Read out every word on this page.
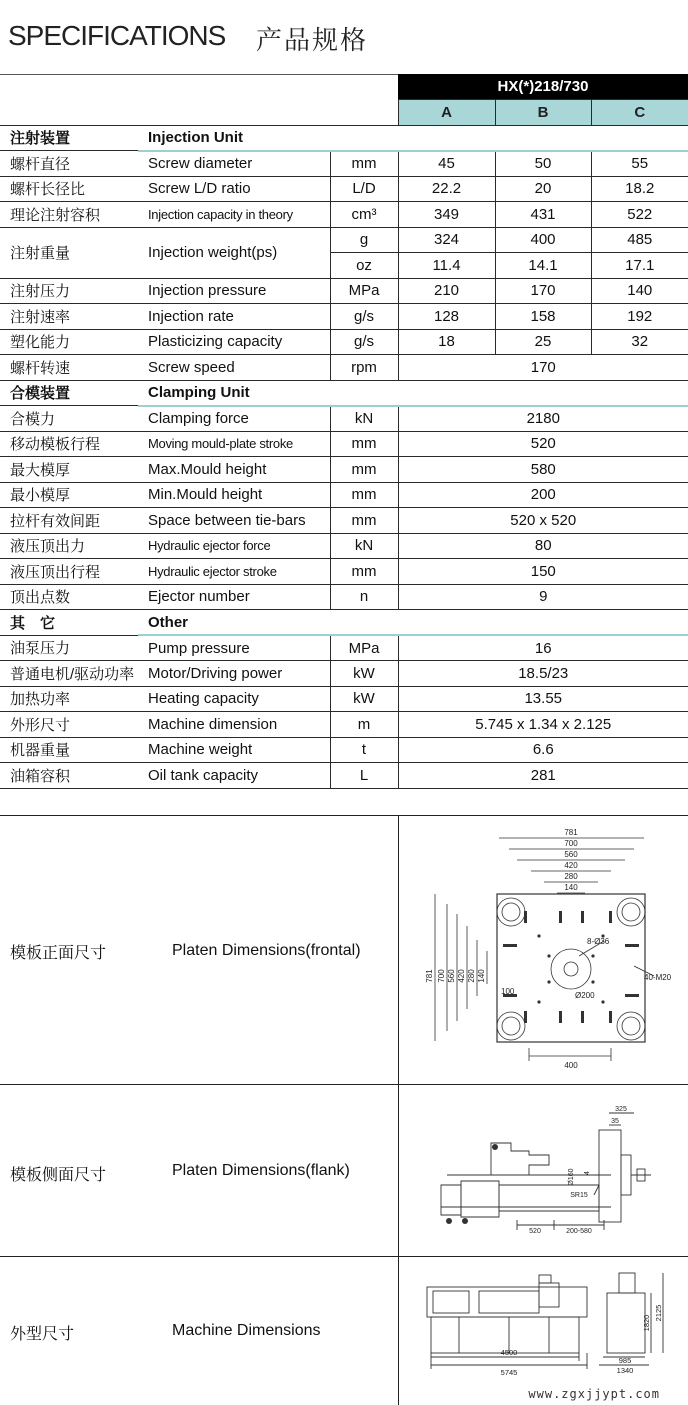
SPECIFICATIONS 产品规格
			HX(*)218/730		
			A	B	C
注射装置	Injection Unit				
螺杆直径	Screw diameter	mm	45	50	55
螺杆长径比	Screw L/D ratio	L/D	22.2	20	18.2
理论注射容积	Injection capacity in theory	cm³	349	431	522
注射重量	Injection weight(ps)	g	324	400	485
		oz	11.4	14.1	17.1
注射压力	Injection pressure	MPa	210	170	140
注射速率	Injection rate	g/s	128	158	192
塑化能力	Plasticizing capacity	g/s	18	25	32
螺杆转速	Screw speed	rpm	170		
合模装置	Clamping Unit				
合模力	Clamping force	kN	2180		
移动模板行程	Moving mould-plate stroke	mm	520		
最大模厚	Max.Mould height	mm	580		
最小模厚	Min.Mould height	mm	200		
拉杆有效间距	Space between tie-bars	mm	520 x 520		
液压顶出力	Hydraulic ejector force	kN	80		
液压顶出行程	Hydraulic ejector stroke	mm	150		
顶出点数	Ejector number	n	9		
其　它	Other				
油泵压力	Pump pressure	MPa	16		
普通电机/驱动功率	Motor/Driving power	kW	18.5/23		
加热功率	Heating capacity	kW	13.55		
外形尺寸	Machine dimension	m	5.745 x 1.34 x 2.125		
机器重量	Machine weight	t	6.6		
油箱容积	Oil tank capacity	L	281		
模板正面尺寸	Platen Dimensions(frontal)
781
700
560
420
280
140
400
781 700 560 420 280 140
8-Ø36
40-M20
Ø200
100
模板侧面尺寸	Platen Dimensions(flank)
325
35
520	200-580
SR15
Ø160 4
外型尺寸	Machine Dimensions
4500
5745
985
1340
1820
2125
www.zgxjjypt.com
